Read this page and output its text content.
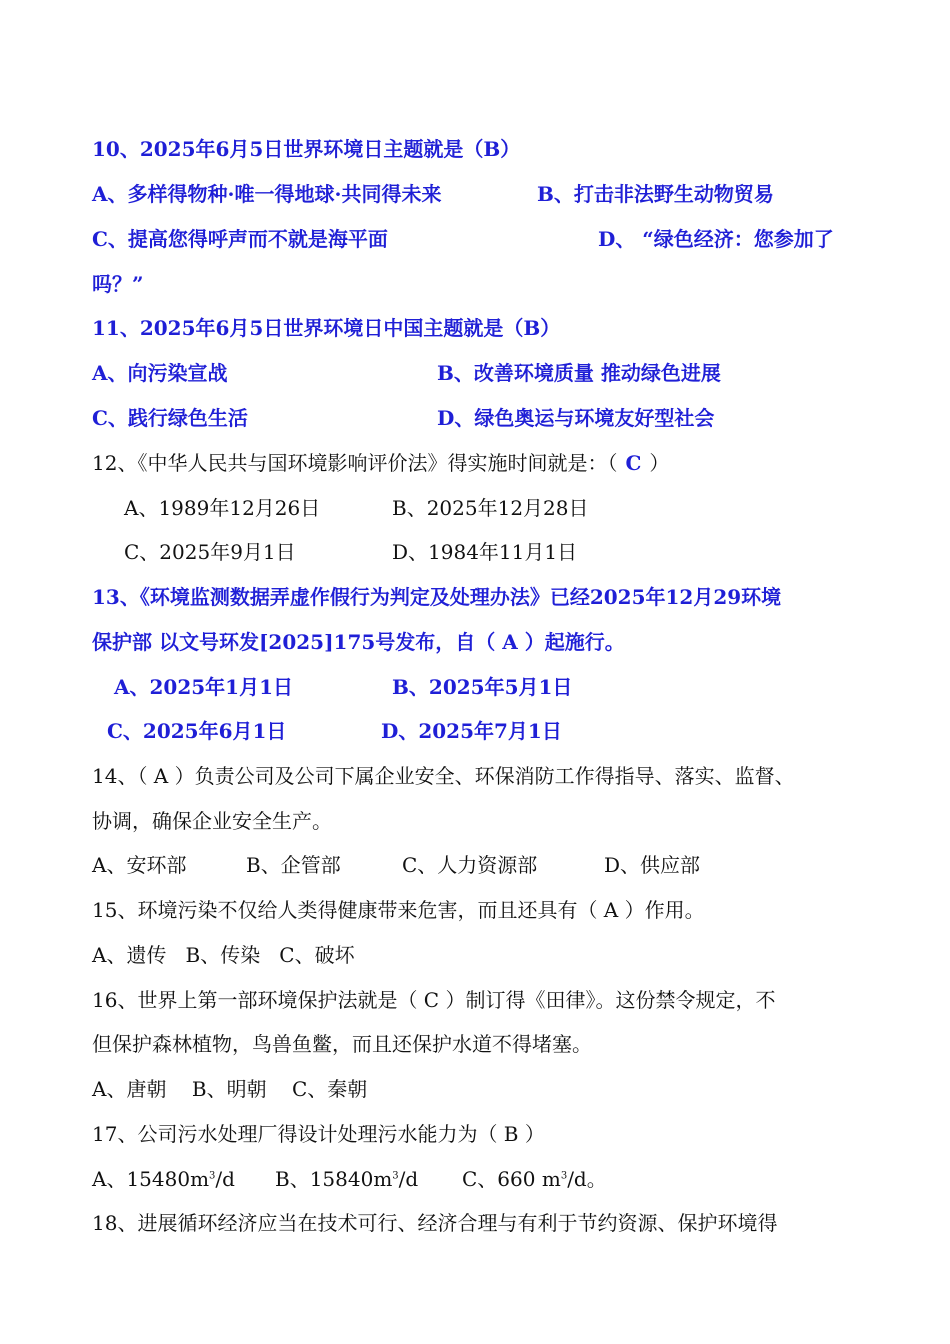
10、2025年6月5日世界环境日主题就是（B）
A、多样得物种·唯一得地球·共同得未来	B、打击非法野生动物贸易
C、提高您得呼声而不就是海平面	D、 “绿色经济：您参加了
吗？”
11、2025年6月5日世界环境日中国主题就是（B）
A、向污染宣战	B、改善环境质量 推动绿色进展
C、践行绿色生活	D、绿色奥运与环境友好型社会
12、《中华人民共与国环境影响评价法》得实施时间就是：（ C ）
A、1989年12月26日	B、2025年12月28日
C、2025年9月1日	D、1984年11月1日
13、《环境监测数据弄虚作假行为判定及处理办法》已经2025年12月29环境
保护部 以文号环发[2025]175号发布，自（ A ）起施行。
A、2025年1月1日	B、2025年5月1日
C、2025年6月1日	D、2025年7月1日
14、（ A ）负责公司及公司下属企业安全、环保消防工作得指导、落实、监督、
协调，确保企业安全生产。
A、安环部	B、企管部	C、人力资源部	D、供应部
15、环境污染不仅给人类得健康带来危害，而且还具有（ A ）作用。
A、遗传   B、传染   C、破坏
16、世界上第一部环境保护法就是（ C ）制订得《田律》。这份禁令规定，不
但保护森林植物，鸟兽鱼鳖，而且还保护水道不得堵塞。
A、唐朝    B、明朝    C、秦朝
17、公司污水处理厂得设计处理污水能力为（ B ）
A、$15480m^3/d$ B、$15840m^3/d$ C、660 $m^3/d$。
18、进展循环经济应当在技术可行、经济合理与有利于节约资源、保护环境得
